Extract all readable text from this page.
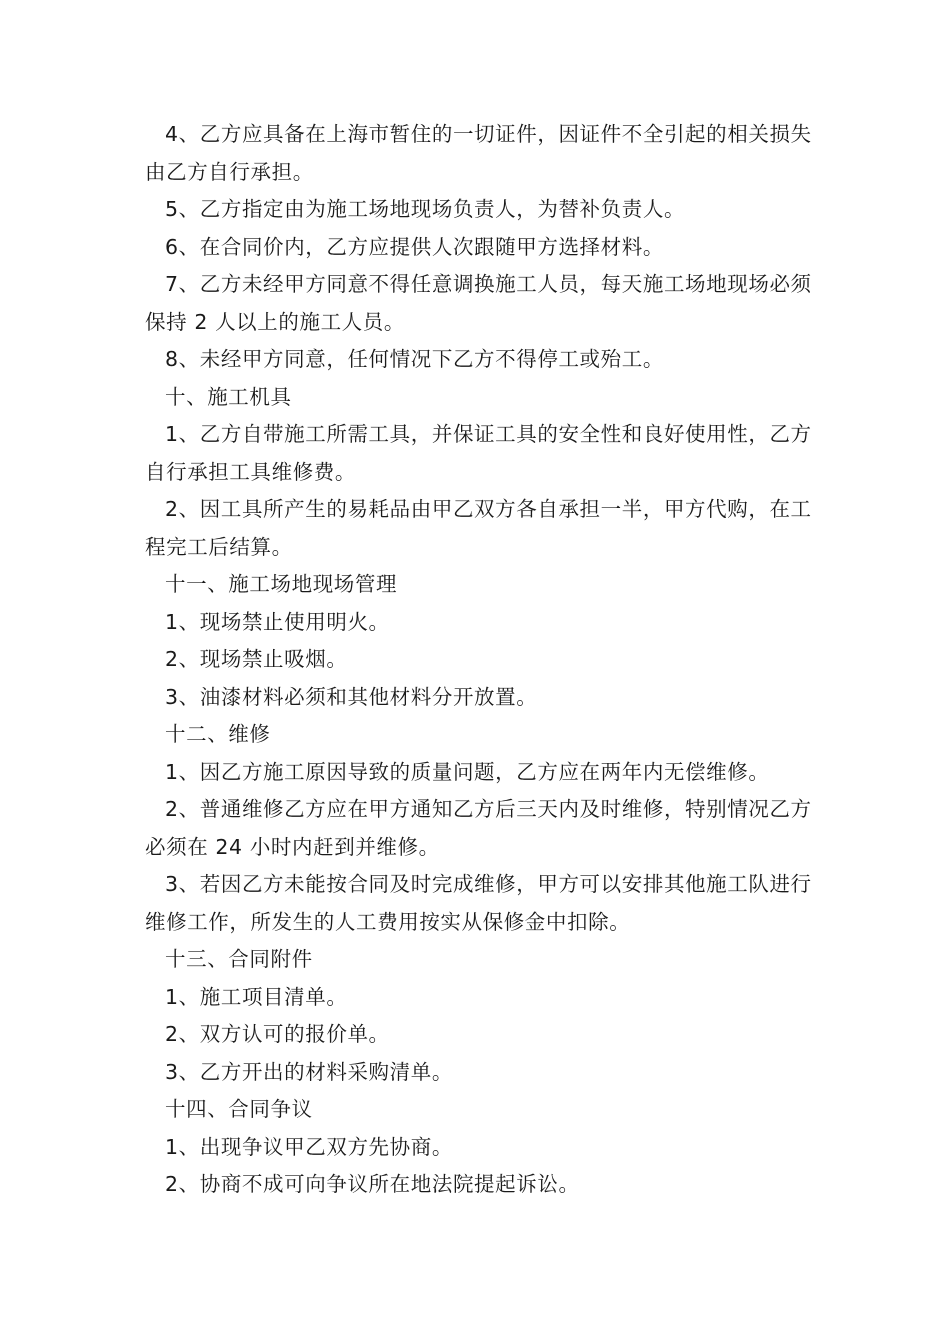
4、乙方应具备在上海市暂住的一切证件，因证件不全引起的相关损失由乙方自行承担。

5、乙方指定由为施工场地现场负责人，为替补负责人。

6、在合同价内，乙方应提供人次跟随甲方选择材料。

7、乙方未经甲方同意不得任意调换施工人员，每天施工场地现场必须保持 2 人以上的施工人员。

8、未经甲方同意，任何情况下乙方不得停工或殆工。

十、施工机具

1、乙方自带施工所需工具，并保证工具的安全性和良好使用性，乙方自行承担工具维修费。

2、因工具所产生的易耗品由甲乙双方各自承担一半，甲方代购，在工程完工后结算。

十一、施工场地现场管理

1、现场禁止使用明火。

2、现场禁止吸烟。

3、油漆材料必须和其他材料分开放置。

十二、维修

1、因乙方施工原因导致的质量问题，乙方应在两年内无偿维修。

2、普通维修乙方应在甲方通知乙方后三天内及时维修，特别情况乙方必须在 24 小时内赶到并维修。

3、若因乙方未能按合同及时完成维修，甲方可以安排其他施工队进行维修工作，所发生的人工费用按实从保修金中扣除。

十三、合同附件

1、施工项目清单。

2、双方认可的报价单。

3、乙方开出的材料采购清单。

十四、合同争议

1、出现争议甲乙双方先协商。

2、协商不成可向争议所在地法院提起诉讼。
